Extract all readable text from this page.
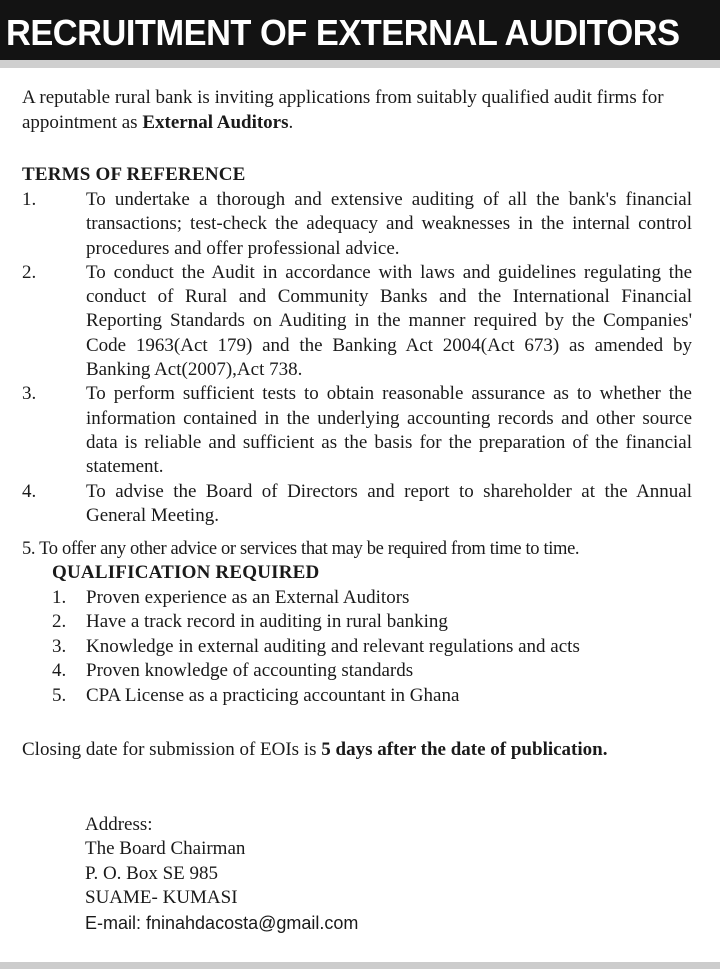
RECRUITMENT OF EXTERNAL AUDITORS
A reputable rural bank is inviting applications from suitably qualified audit firms for appointment as External Auditors.
TERMS OF REFERENCE
1.	To undertake a thorough and extensive auditing of all the bank's financial transactions; test-check the adequacy and weaknesses in the internal control procedures and offer professional advice.
2.	To conduct the Audit in accordance with laws and guidelines regulating the conduct of Rural and Community Banks and the International Financial Reporting Standards on Auditing in the manner required by the Companies' Code 1963(Act 179) and the Banking Act 2004(Act 673) as amended by Banking Act(2007),Act 738.
3.	To perform sufficient tests to obtain reasonable assurance as to whether the information contained in the underlying accounting records and other source data is reliable and sufficient as the basis for the preparation of the financial statement.
4.	To advise the Board of Directors and report to shareholder at the Annual General Meeting.
5. To offer any other advice or services that may be required from time to time.
QUALIFICATION REQUIRED
1.	Proven experience as an External Auditors
2.	Have a track record in auditing in rural banking
3.	Knowledge in external auditing and relevant regulations and acts
4.	Proven knowledge of accounting standards
5.	CPA License as a practicing accountant in Ghana
Closing date for submission of EOIs is 5 days after the date of publication.
Address:
The Board Chairman
P. O. Box SE 985
SUAME- KUMASI
E-mail: fninahdacosta@gmail.com
